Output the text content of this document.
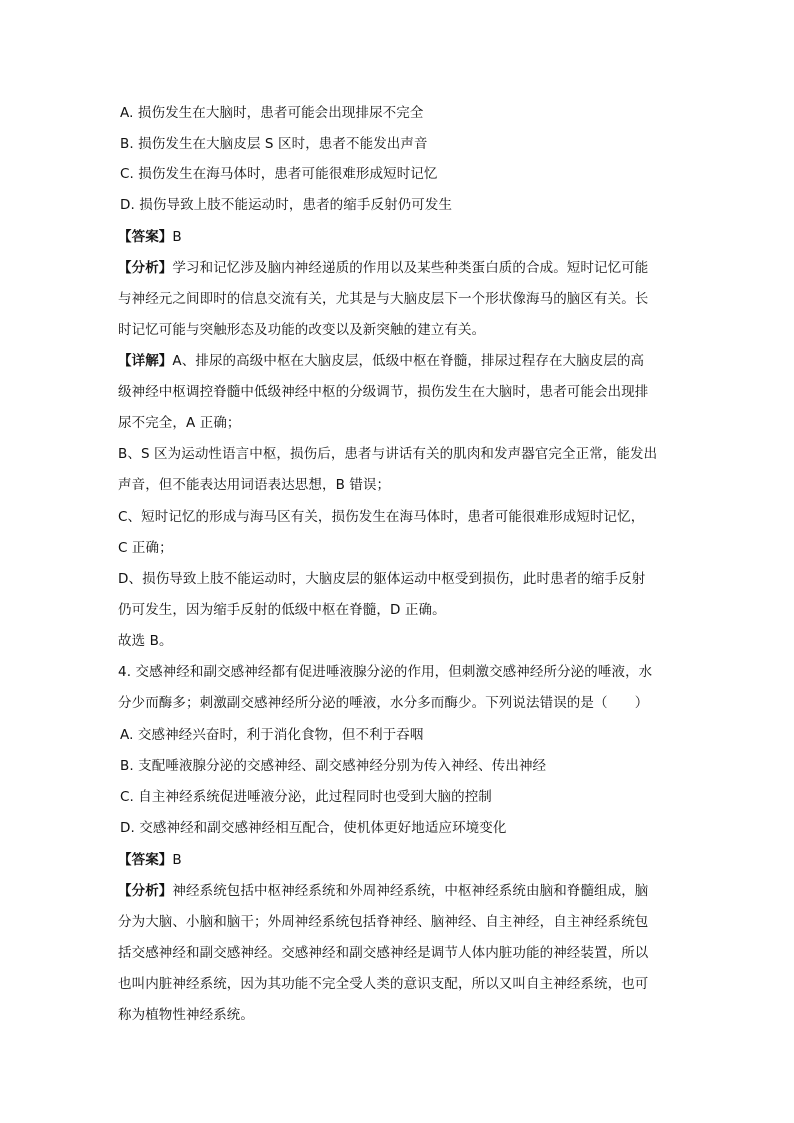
A. 损伤发生在大脑时，患者可能会出现排尿不完全
B. 损伤发生在大脑皮层 S 区时，患者不能发出声音
C. 损伤发生在海马体时，患者可能很难形成短时记忆
D. 损伤导致上肢不能运动时，患者的缩手反射仍可发生
【答案】B
【分析】学习和记忆涉及脑内神经递质的作用以及某些种类蛋白质的合成。短时记忆可能
与神经元之间即时的信息交流有关，尤其是与大脑皮层下一个形状像海马的脑区有关。长
时记忆可能与突触形态及功能的改变以及新突触的建立有关。
【详解】A、排尿的高级中枢在大脑皮层，低级中枢在脊髓，排尿过程存在大脑皮层的高
级神经中枢调控脊髓中低级神经中枢的分级调节，损伤发生在大脑时，患者可能会出现排
尿不完全，A 正确；
B、S 区为运动性语言中枢，损伤后，患者与讲话有关的肌肉和发声器官完全正常，能发出
声音，但不能表达用词语表达思想，B 错误；
C、短时记忆的形成与海马区有关，损伤发生在海马体时，患者可能很难形成短时记忆，
C 正确；
D、损伤导致上肢不能运动时，大脑皮层的躯体运动中枢受到损伤，此时患者的缩手反射
仍可发生，因为缩手反射的低级中枢在脊髓，D 正确。
故选 B。
4. 交感神经和副交感神经都有促进唾液腺分泌的作用，但刺激交感神经所分泌的唾液，水
分少而酶多；刺激副交感神经所分泌的唾液，水分多而酶少。下列说法错误的是（　　）
A. 交感神经兴奋时，利于消化食物，但不利于吞咽
B. 支配唾液腺分泌的交感神经、副交感神经分别为传入神经、传出神经
C. 自主神经系统促进唾液分泌，此过程同时也受到大脑的控制
D. 交感神经和副交感神经相互配合，使机体更好地适应环境变化
【答案】B
【分析】神经系统包括中枢神经系统和外周神经系统，中枢神经系统由脑和脊髓组成，脑
分为大脑、小脑和脑干；外周神经系统包括脊神经、脑神经、自主神经，自主神经系统包
括交感神经和副交感神经。交感神经和副交感神经是调节人体内脏功能的神经装置，所以
也叫内脏神经系统，因为其功能不完全受人类的意识支配，所以又叫自主神经系统，也可
称为植物性神经系统。
